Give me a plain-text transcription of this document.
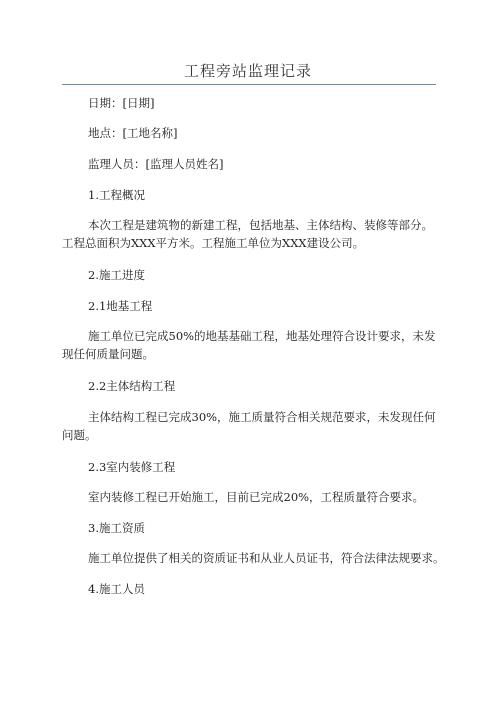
工程旁站监理记录

日期：[日期]

地点：[工地名称]

监理人员：[监理人员姓名]

1.工程概况

本次工程是建筑物的新建工程，包括地基、主体结构、装修等部分。

工程总面积为XXX平方米。工程施工单位为XXX建设公司。

2.施工进度

2.1地基工程

施工单位已完成50%的地基基础工程，地基处理符合设计要求，未发

现任何质量问题。

2.2主体结构工程

主体结构工程已完成30%，施工质量符合相关规范要求，未发现任何

问题。

2.3室内装修工程

室内装修工程已开始施工，目前已完成20%，工程质量符合要求。

3.施工资质

施工单位提供了相关的资质证书和从业人员证书，符合法律法规要求。

4.施工人员
